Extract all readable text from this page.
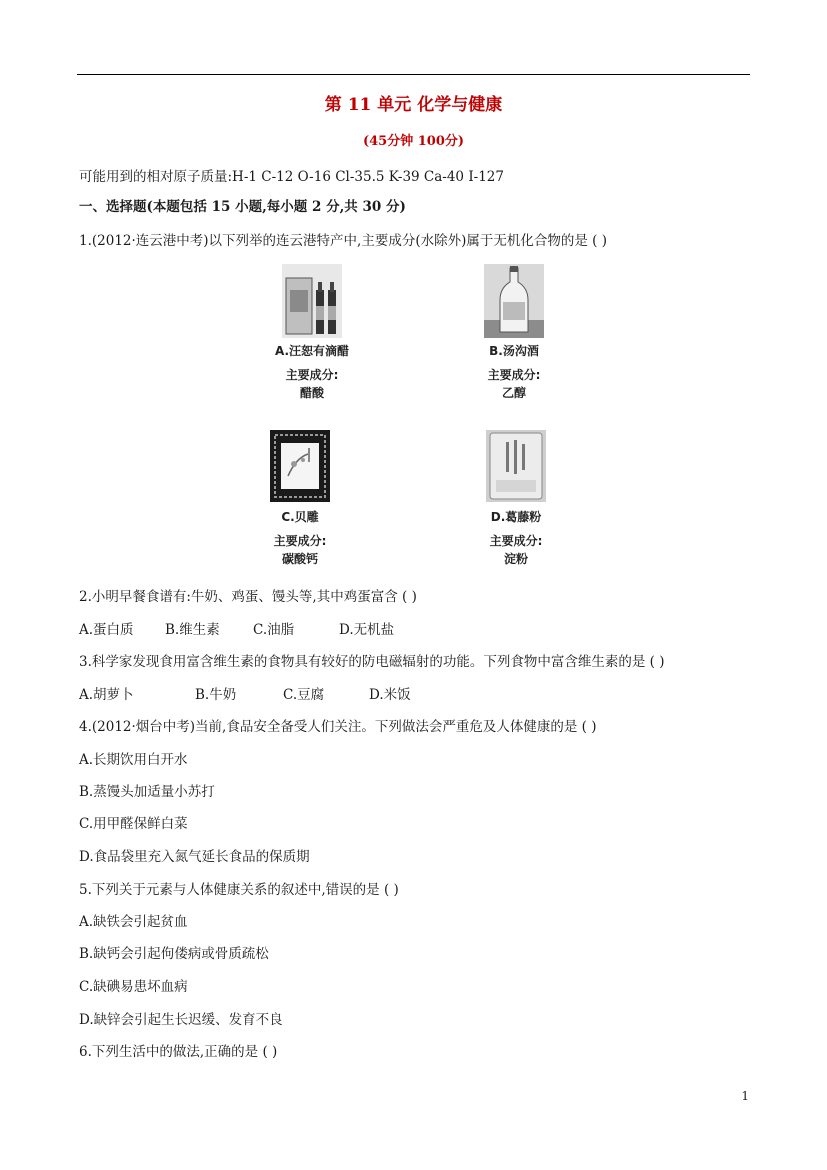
第 11 单元 化学与健康
(45分钟 100分)
可能用到的相对原子质量:H-1 C-12 O-16 Cl-35.5 K-39 Ca-40 I-127
一、选择题(本题包括 15 小题,每小题 2 分,共 30 分)
1.(2012·连云港中考)以下列举的连云港特产中,主要成分(水除外)属于无机化合物的是 ( )
A.汪恕有滴醋
主要成分:
醋酸
B.汤沟酒
主要成分:
乙醇
C.贝雕
主要成分:
碳酸钙
D.葛藤粉
主要成分:
淀粉
2.小明早餐食谱有:牛奶、鸡蛋、馒头等,其中鸡蛋富含 ( )
A.蛋白质 B.维生素 C.油脂	D.无机盐
3.科学家发现食用富含维生素的食物具有较好的防电磁辐射的功能。下列食物中富含维生素的是 ( )
A.胡萝卜	B.牛奶	C.豆腐	D.米饭
4.(2012·烟台中考)当前,食品安全备受人们关注。下列做法会严重危及人体健康的是 ( )
A.长期饮用白开水
B.蒸馒头加适量小苏打
C.用甲醛保鲜白菜
D.食品袋里充入氮气延长食品的保质期
5.下列关于元素与人体健康关系的叙述中,错误的是 ( )
A.缺铁会引起贫血
B.缺钙会引起佝偻病或骨质疏松
C.缺碘易患坏血病
D.缺锌会引起生长迟缓、发育不良
6.下列生活中的做法,正确的是 ( )
1
